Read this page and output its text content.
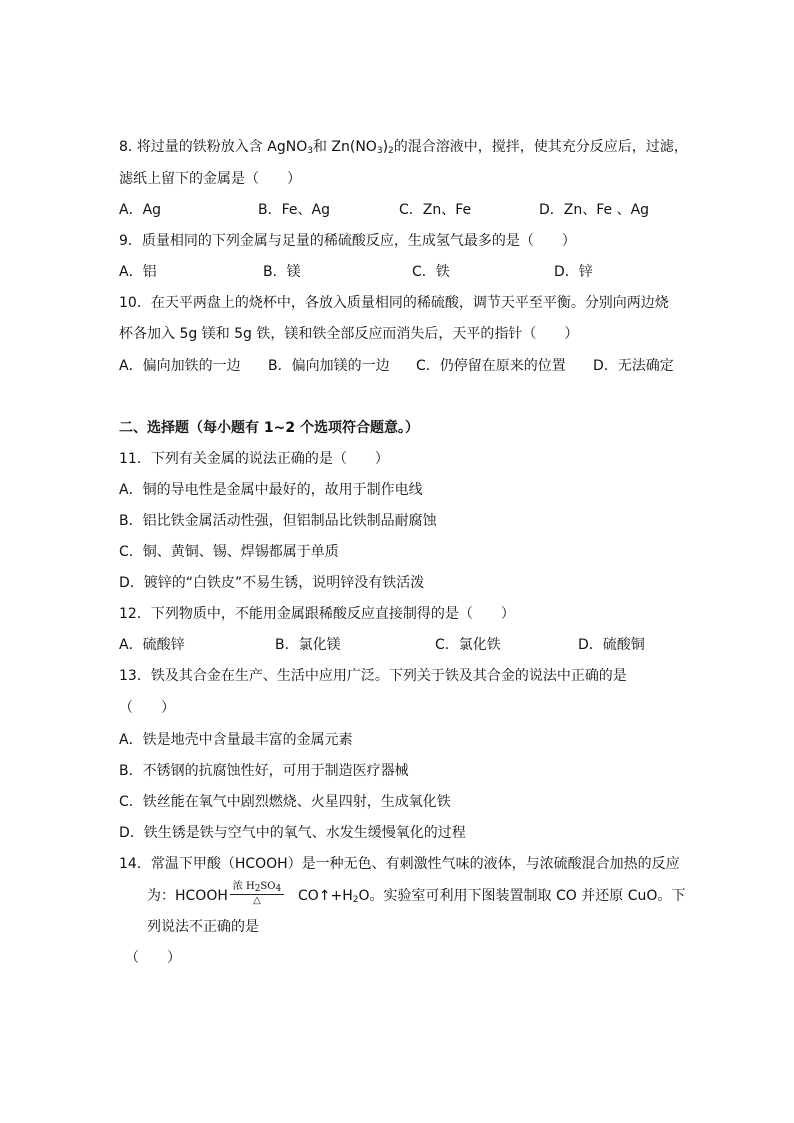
8. 将过量的铁粉放入含 AgNO$_3$和 $Zn(NO_3)_2$的混合溶液中，搅拌，使其充分反应后，过滤，
滤纸上留下的金属是（　　）
A．Ag	B．Fe、Ag	C．Zn、Fe	D．Zn、Fe 、Ag
9．质量相同的下列金属与足量的稀硫酸反应，生成氢气最多的是（　　）
A．铝	B．镁	C．铁	D．锌
10．在天平两盘上的烧杯中，各放入质量相同的稀硫酸，调节天平至平衡。分别向两边烧
杯各加入 5g 镁和 5g 铁，镁和铁全部反应而消失后，天平的指针（　　）
A．偏向加铁的一边 B．偏向加镁的一边 C．仍停留在原来的位置 D．无法确定
二、选择题（每小题有 1~2 个选项符合题意。）
11．下列有关金属的说法正确的是（　　）
A．铜的导电性是金属中最好的，故用于制作电线
B．铝比铁金属活动性强，但铝制品比铁制品耐腐蚀
C．铜、黄铜、锡、焊锡都属于单质
D．镀锌的“白铁皮”不易生锈，说明锌没有铁活泼
12．下列物质中，不能用金属跟稀酸反应直接制得的是（　　）
A．硫酸锌	B．氯化镁	C．氯化铁	D．硫酸铜
13．铁及其合金在生产、生活中应用广泛。下列关于铁及其合金的说法中正确的是
（　　）
A．铁是地壳中含量最丰富的金属元素
B．不锈钢的抗腐蚀性好，可用于制造医疗器械
C．铁丝能在氧气中剧烈燃烧、火星四射，生成氧化铁
D．铁生锈是铁与空气中的氧气、水发生缓慢氧化的过程
14．常温下甲酸（HCOOH）是一种无色、有刺激性气味的液体，与浓硫酸混合加热的反应
为：HCOOH
浓 $H_2SO_4$
△	$CO↑+H_2O$。实验室可利用下图装置制取 CO 并还原 CuO。下
列说法不正确的是
（　　）
